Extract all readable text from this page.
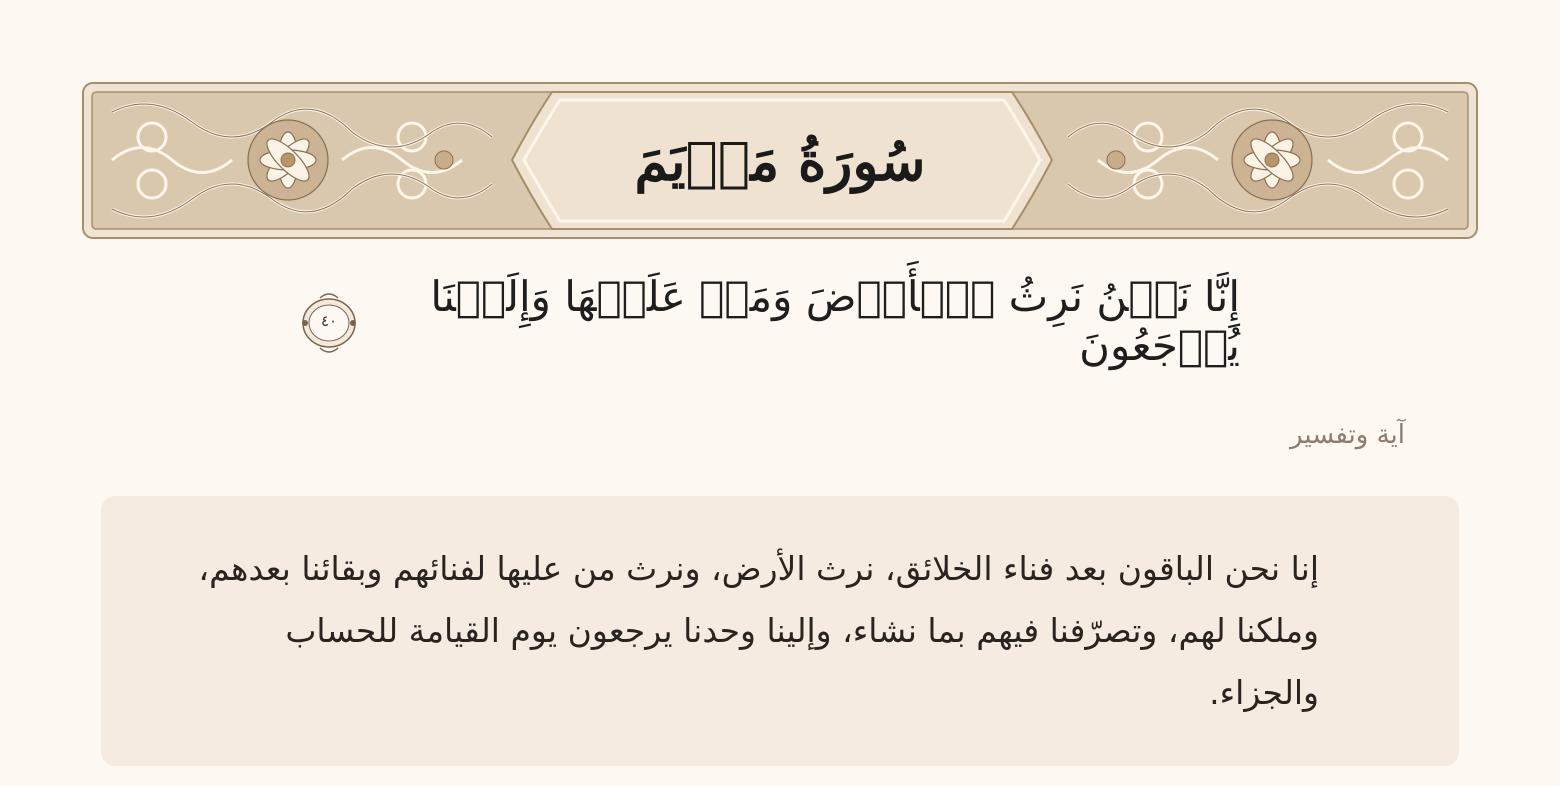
سُورَةُ مَرۡيَمَ
إِنَّا نَحۡنُ نَرِثُ ٱلۡأَرۡضَ وَمَنۡ عَلَيۡهَا وَإِلَيۡنَا يُرۡجَعُونَ
٤٠
آية وتفسير
إنا نحن الباقون بعد فناء الخلائق، نرث الأرض، ونرث من عليها لفنائهم وبقائنا بعدهم، وملكنا لهم، وتصرّفنا فيهم بما نشاء، وإلينا وحدنا يرجعون يوم القيامة للحساب والجزاء.
